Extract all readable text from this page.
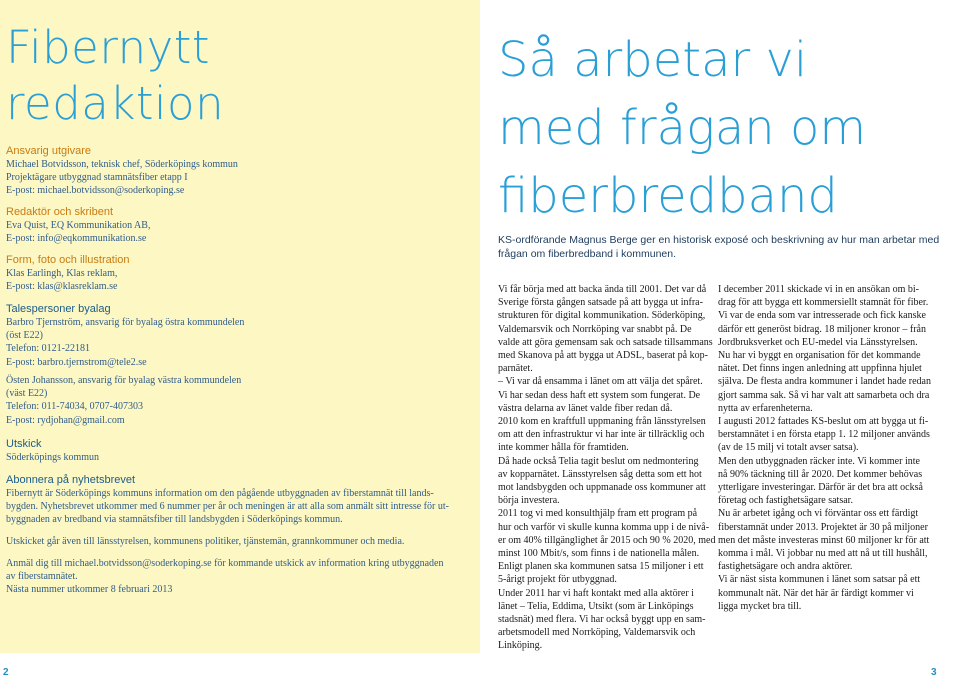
Fibernytt
redaktion

Ansvarig utgivare

Michael Botvidsson, teknisk chef, Söderköpings kommun

Projektägare utbyggnad stamnätsfiber etapp I

E-post: michael.botvidsson@soderkoping.se

Redaktör och skribent

Eva Quist, EQ Kommunikation AB,

E-post: info@eqkommunikation.se

Form, foto och illustration

Klas Earlingh, Klas reklam,

E-post: klas@klasreklam.se

Talespersoner byalag

Barbro Tjernström, ansvarig för byalag östra kommundelen

(öst E22)

Telefon: 0121-22181

E-post: barbro.tjernstrom@tele2.se

Östen Johansson, ansvarig för byalag västra kommundelen

(väst E22)

Telefon: 011-74034, 0707-407303

E-post: rydjohan@gmail.com

Utskick

Söderköpings kommun

Abonnera på nyhetsbrevet

Fibernytt är Söderköpings kommuns information om den pågående utbyggnaden av fiberstamnät till lands-

bygden. Nyhetsbrevet utkommer med 6 nummer per år och meningen är att alla som anmält sitt intresse för ut-

byggnaden av bredband via stamnätsfiber till landsbygden i Söderköpings kommun.

Utskicket går även till länsstyrelsen, kommunens politiker, tjänstemän, grannkommuner och media.

Anmäl dig till michael.botvidsson@soderkoping.se för kommande utskick av information kring utbyggnaden

av fiberstamnätet.

Nästa nummer utkommer 8 februari 2013

Så arbetar vi
med frågan om
fiberbredband

KS-ordförande Magnus Berge ger en historisk exposé och beskrivning av hur man arbetar med
frågan om fiberbredband i kommunen.

Vi får börja med att backa ända till 2001. Det var då
Sverige första gången satsade på att bygga ut infra-
strukturen för digital kommunikation. Söderköping,
Valdemarsvik och Norrköping var snabbt på. De
valde att göra gemensam sak och satsade tillsammans
med Skanova på att bygga ut ADSL, baserat på kop-
parnätet.
– Vi var då ensamma i länet om att välja det spåret.
Vi har sedan dess haft ett system som fungerat. De
västra delarna av länet valde fiber redan då.
2010 kom en kraftfull uppmaning från länsstyrelsen
om att den infrastruktur vi har inte är tillräcklig och
inte kommer hålla för framtiden.
Då hade också Telia tagit beslut om nedmontering
av kopparnätet. Länsstyrelsen såg detta som ett hot
mot landsbygden och uppmanade oss kommuner att
börja investera.
2011 tog vi med konsulthjälp fram ett program på
hur och varför vi skulle kunna komma upp i de nivå-
er om 40% tillgänglighet år 2015 och 90 % 2020, med
minst 100 Mbit/s, som finns i de nationella målen.
Enligt planen ska kommunen satsa 15 miljoner i ett
5-årigt projekt för utbyggnad.
Under 2011 har vi haft kontakt med alla aktörer i
länet – Telia, Eddima, Utsikt (som är Linköpings
stadsnät) med flera. Vi har också byggt upp en sam-
arbetsmodell med Norrköping, Valdemarsvik och
Linköping.
I december 2011 skickade vi in en ansökan om bi-
drag för att bygga ett kommersiellt stamnät för fiber.
Vi var de enda som var intresserade och fick kanske
därför ett generöst bidrag. 18 miljoner kronor – från
Jordbruksverket och EU-medel via Länsstyrelsen.
Nu har vi byggt en organisation för det kommande
nätet. Det finns ingen anledning att uppfinna hjulet
själva. De flesta andra kommuner i landet hade redan
gjort samma sak. Så vi har valt att samarbeta och dra
nytta av erfarenheterna.
I augusti 2012 fattades KS-beslut om att bygga ut fi-
berstamnätet i en första etapp 1. 12 miljoner används
(av de 15 milj vi totalt avser satsa).
Men den utbyggnaden räcker inte. Vi kommer inte
nå 90% täckning till år 2020. Det kommer behövas
ytterligare investeringar. Därför är det bra att också
företag och fastighetsägare satsar.
Nu är arbetet igång och vi förväntar oss ett färdigt
fiberstamnät under 2013. Projektet är 30 på miljoner
men det måste investeras minst 60 miljoner kr för att
komma i mål. Vi jobbar nu med att nå ut till hushåll,
fastighetsägare och andra aktörer.
Vi är näst sista kommunen i länet som satsar på ett
kommunalt nät. När det här är färdigt kommer vi
ligga mycket bra till.
2	3
